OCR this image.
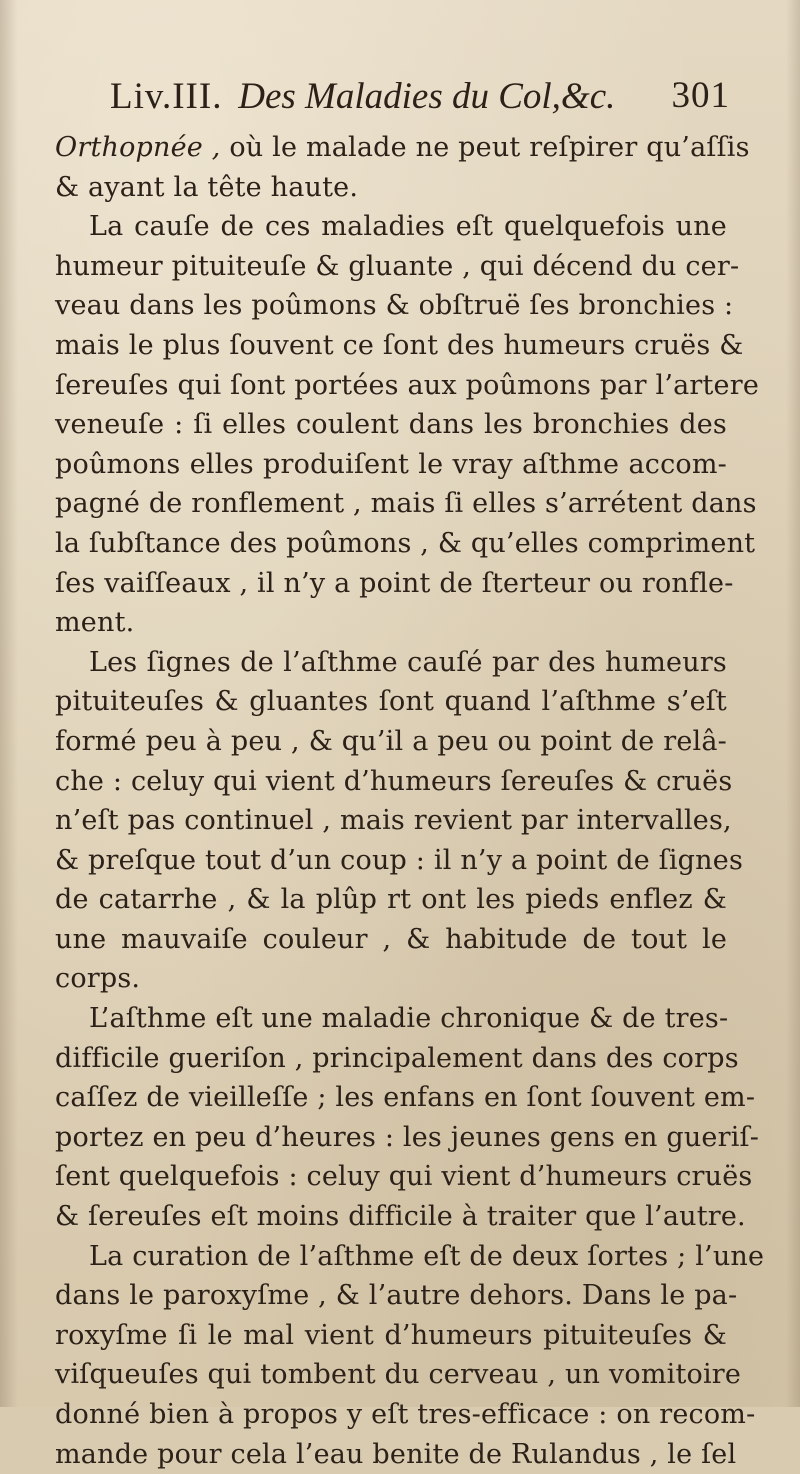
Liv.III. Des Maladies du Col,&c. 301
Orthopnée , où le malade ne peut reſpirer qu’aſſis
& ayant la tête haute.
La cauſe de ces maladies eſt quelquefois une
humeur pituiteuſe & gluante , qui décend du cer-
veau dans les poûmons & obſtruë ſes bronchies :
mais le plus ſouvent ce ſont des humeurs cruës &
ſereuſes qui ſont portées aux poûmons par l’artere
veneuſe : ſi elles coulent dans les bronchies des
poûmons elles produiſent le vray aſthme accom-
pagné de ronflement , mais ſi elles s’arrétent dans
la ſubſtance des poûmons , & qu’elles compriment
ſes vaiſſeaux , il n’y a point de ſterteur ou ronfle-
ment.
Les ſignes de l’aſthme cauſé par des humeurs
pituiteuſes & gluantes ſont quand l’aſthme s’eſt
formé peu à peu , & qu’il a peu ou point de relâ-
che : celuy qui vient d’humeurs ſereuſes & cruës
n’eſt pas continuel , mais revient par intervalles,
& preſque tout d’un coup : il n’y a point de ſignes
de catarrhe , & la plûp rt ont les pieds enflez &
une mauvaiſe couleur , & habitude de tout le
corps.
L’aſthme eſt une maladie chronique & de tres-
difficile gueriſon , principalement dans des corps
caſſez de vieilleſſe ; les enfans en ſont ſouvent em-
portez en peu d’heures : les jeunes gens en gueriſ-
ſent quelquefois : celuy qui vient d’humeurs cruës
& ſereuſes eſt moins difficile à traiter que l’autre.
La curation de l’aſthme eſt de deux ſortes ; l’une
dans le paroxyſme , & l’autre dehors. Dans le pa-
roxyſme ſi le mal vient d’humeurs pituiteuſes &
viſqueuſes qui tombent du cerveau , un vomitoire
donné bien à propos y eſt tres-efficace : on recom-
mande pour cela l’eau benite de Rulandus , le ſel
